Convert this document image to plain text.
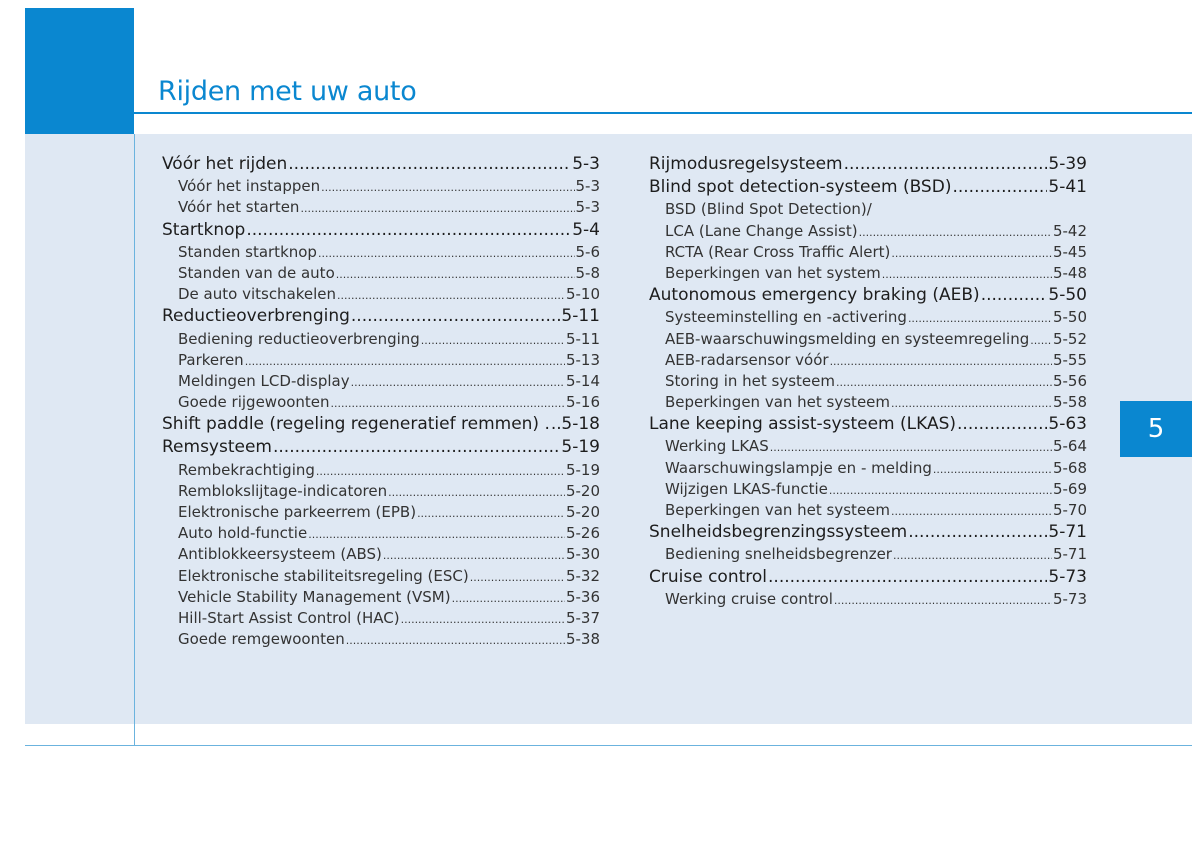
Rijden met uw auto
5
Vóór het rijden .....	5-3
Vóór het instappen .....	5-3
Vóór het starten .....	5-3
Startknop .....	5-4
Standen startknop .....	5-6
Standen van de auto .....	5-8
De auto vitschakelen .....	5-10
Reductieoverbrenging .....	5-11
Bediening reductieoverbrenging .....	5-11
Parkeren .....	5-13
Meldingen LCD-display .....	5-14
Goede rijgewoonten .....	5-16
Shift paddle (regeling regeneratief remmen) . ..... 5-18
Remsysteem .....	5-19
Rembekrachtiging .....	5-19
Remblokslijtage-indicatoren .....	5-20
Elektronische parkeerrem (EPB) .....	5-20
Auto hold-functie .....	5-26
Antiblokkeersysteem (ABS) .....	5-30
Elektronische stabiliteitsregeling (ESC) .....	5-32
Vehicle Stability Management (VSM) .....	5-36
Hill-Start Assist Control (HAC) .....	5-37
Goede remgewoonten .....	5-38
Rijmodusregelsysteem .....	5-39
Blind spot detection-systeem (BSD) .....	5-41
BSD (Blind Spot Detection)/
LCA (Lane Change Assist) .....	5-42
RCTA (Rear Cross Traffic Alert) .....	5-45
Beperkingen van het system .....	5-48
Autonomous emergency braking (AEB) .....	5-50
Systeeminstelling en -activering .....	5-50
AEB-waarschuwingsmelding en systeemregeling ..... 5-52
AEB-radarsensor vóór .....	5-55
Storing in het systeem .....	5-56
Beperkingen van het systeem .....	5-58
Lane keeping assist-systeem (LKAS) .....	5-63
Werking LKAS .....	5-64
Waarschuwingslampje en - melding .....	5-68
Wijzigen LKAS-functie .....	5-69
Beperkingen van het systeem .....	5-70
Snelheidsbegrenzingssysteem .....	5-71
Bediening snelheidsbegrenzer .....	5-71
Cruise control .....	5-73
Werking cruise control .....	5-73
